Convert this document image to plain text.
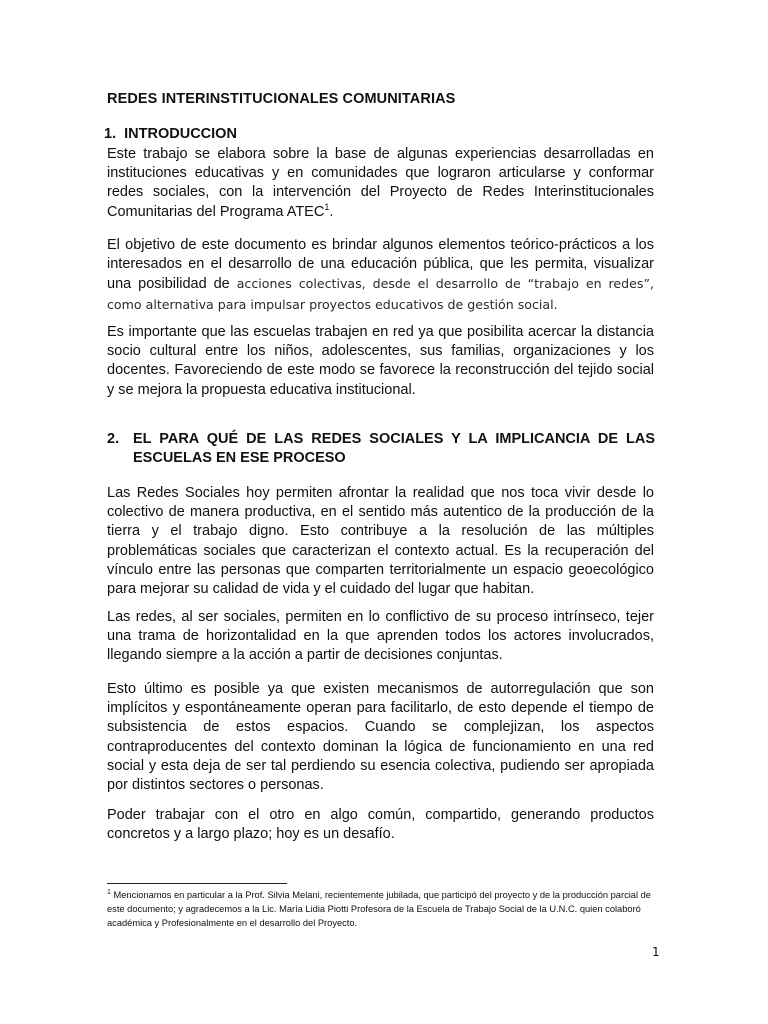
REDES INTERINSTITUCIONALES COMUNITARIAS
1. INTRODUCCION

Este trabajo se elabora sobre la base de algunas experiencias desarrolladas en instituciones educativas y en comunidades que lograron articularse y conformar redes sociales, con la intervención del Proyecto de Redes Interinstitucionales Comunitarias del Programa ATEC$^1$.

El objetivo de este documento es brindar algunos elementos teórico-prácticos a los interesados en el desarrollo de una educación pública, que les permita, visualizar una posibilidad de acciones colectivas, desde el desarrollo de “trabajo en redes”, como alternativa para impulsar proyectos educativos de gestión social.

Es importante que las escuelas trabajen en red ya que posibilita acercar la distancia socio cultural entre los niños, adolescentes, sus familias, organizaciones y los docentes. Favoreciendo de este modo se favorece la reconstrucción del tejido social y se mejora la propuesta educativa institucional.

2. EL PARA QUÉ DE LAS REDES SOCIALES Y LA IMPLICANCIA DE LAS ESCUELAS EN ESE PROCESO

Las Redes Sociales hoy permiten afrontar la realidad que nos toca vivir desde lo colectivo de manera productiva, en el sentido más autentico de la producción de la tierra y el trabajo digno. Esto contribuye a la resolución de las múltiples problemáticas sociales que caracterizan el contexto actual. Es la recuperación del vínculo entre las personas que comparten territorialmente un espacio geoecológico para mejorar su calidad de vida y el cuidado del lugar que habitan.

Las redes, al ser sociales, permiten en lo conflictivo de su proceso intrínseco, tejer una trama de horizontalidad en la que aprenden todos los actores involucrados, llegando siempre a la acción a partir de decisiones conjuntas.

Esto último es posible ya que existen mecanismos de autorregulación que son implícitos y espontáneamente operan para facilitarlo, de esto depende el tiempo de subsistencia de estos espacios. Cuando se complejizan, los aspectos contraproducentes del contexto dominan la lógica de funcionamiento en una red social y esta deja de ser tal perdiendo su esencia colectiva, pudiendo ser apropiada por distintos sectores o personas.

Poder trabajar con el otro en algo común, compartido, generando productos concretos y a largo plazo; hoy es un desafío.

$^1$ Mencionamos en particular a la Prof. Silvia Melani, recientemente jubilada, que participó del proyecto y de la producción parcial de este documento; y agradecemos a la Lic. María Lidia Piotti Profesora de la Escuela de Trabajo Social de la U.N.C. quien colaboró académica y Profesionalmente en el desarrollo del Proyecto.

1
